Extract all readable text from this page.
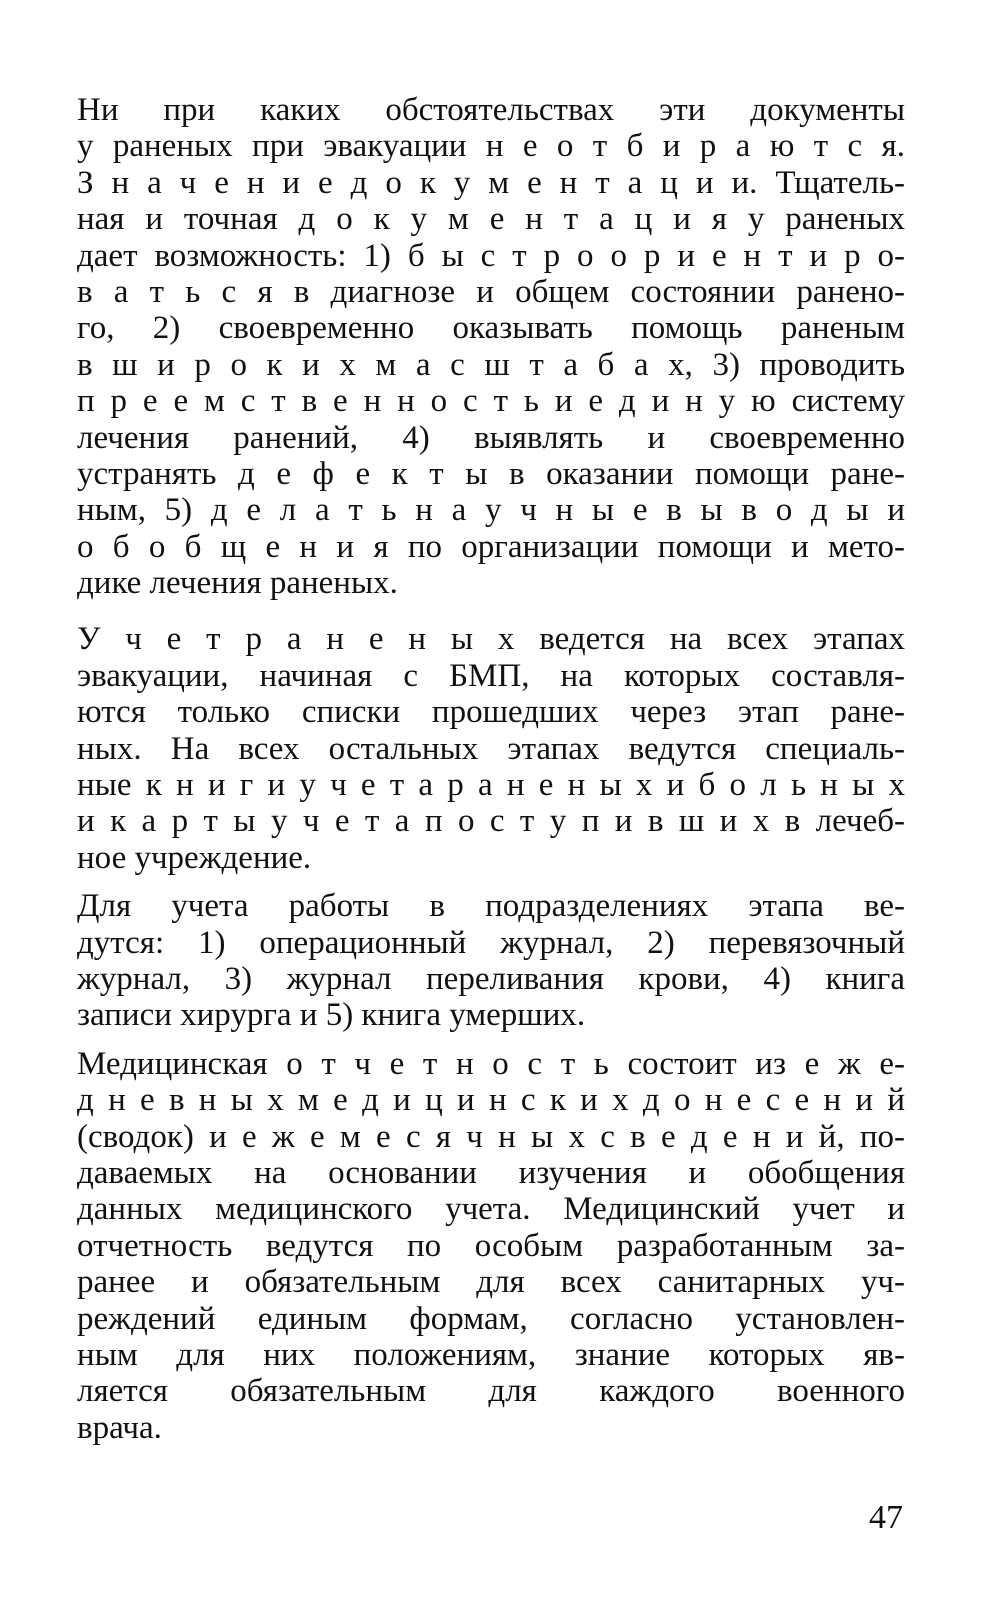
Ни при каких обстоятельствах эти документы
у раненых при эвакуации н е о т б и р а ю т с я.
З н а ч е н и е д о к у м е н т а ц и и. Тщатель-
ная и точная д о к у м е н т а ц и я у раненых
дает возможность: 1) б ы с т р о о р и е н т и р о-
в а т ь с я в диагнозе и общем состоянии ранено-
го, 2) своевременно оказывать помощь раненым
в ш и р о к и х м а с ш т а б а х, 3) проводить
п р е е м с т в е н н о с т ь и е д и н у ю систему
лечения ранений, 4) выявлять и своевременно
устранять д е ф е к т ы в оказании помощи ране-
ным, 5) д е л а т ь н а у ч н ы е в ы в о д ы и
о б о б щ е н и я по организации помощи и мето-
дике лечения раненых.
У ч е т р а н е н ы х ведется на всех этапах
эвакуации, начиная с БМП, на которых составля-
ются только списки прошедших через этап ране-
ных. На всех остальных этапах ведутся специаль-
ные к н и г и у ч е т а р а н е н ы х и б о л ь н ы х
и к а р т ы у ч е т а п о с т у п и в ш и х в лечеб-
ное учреждение.
Для учета работы в подразделениях этапа ве-
дутся: 1) операционный журнал, 2) перевязочный
журнал, 3) журнал переливания крови, 4) книга
записи хирурга и 5) книга умерших.
Медицинская о т ч е т н о с т ь состоит из е ж е-
д н е в н ы х м е д и ц и н с к и х д о н е с е н и й
(сводок) и е ж е м е с я ч н ы х с в е д е н и й, по-
даваемых на основании изучения и обобщения
данных медицинского учета. Медицинский учет и
отчетность ведутся по особым разработанным за-
ранее и обязательным для всех санитарных уч-
реждений единым формам, согласно установлен-
ным для них положениям, знание которых яв-
ляется обязательным для каждого военного
врача.
47
